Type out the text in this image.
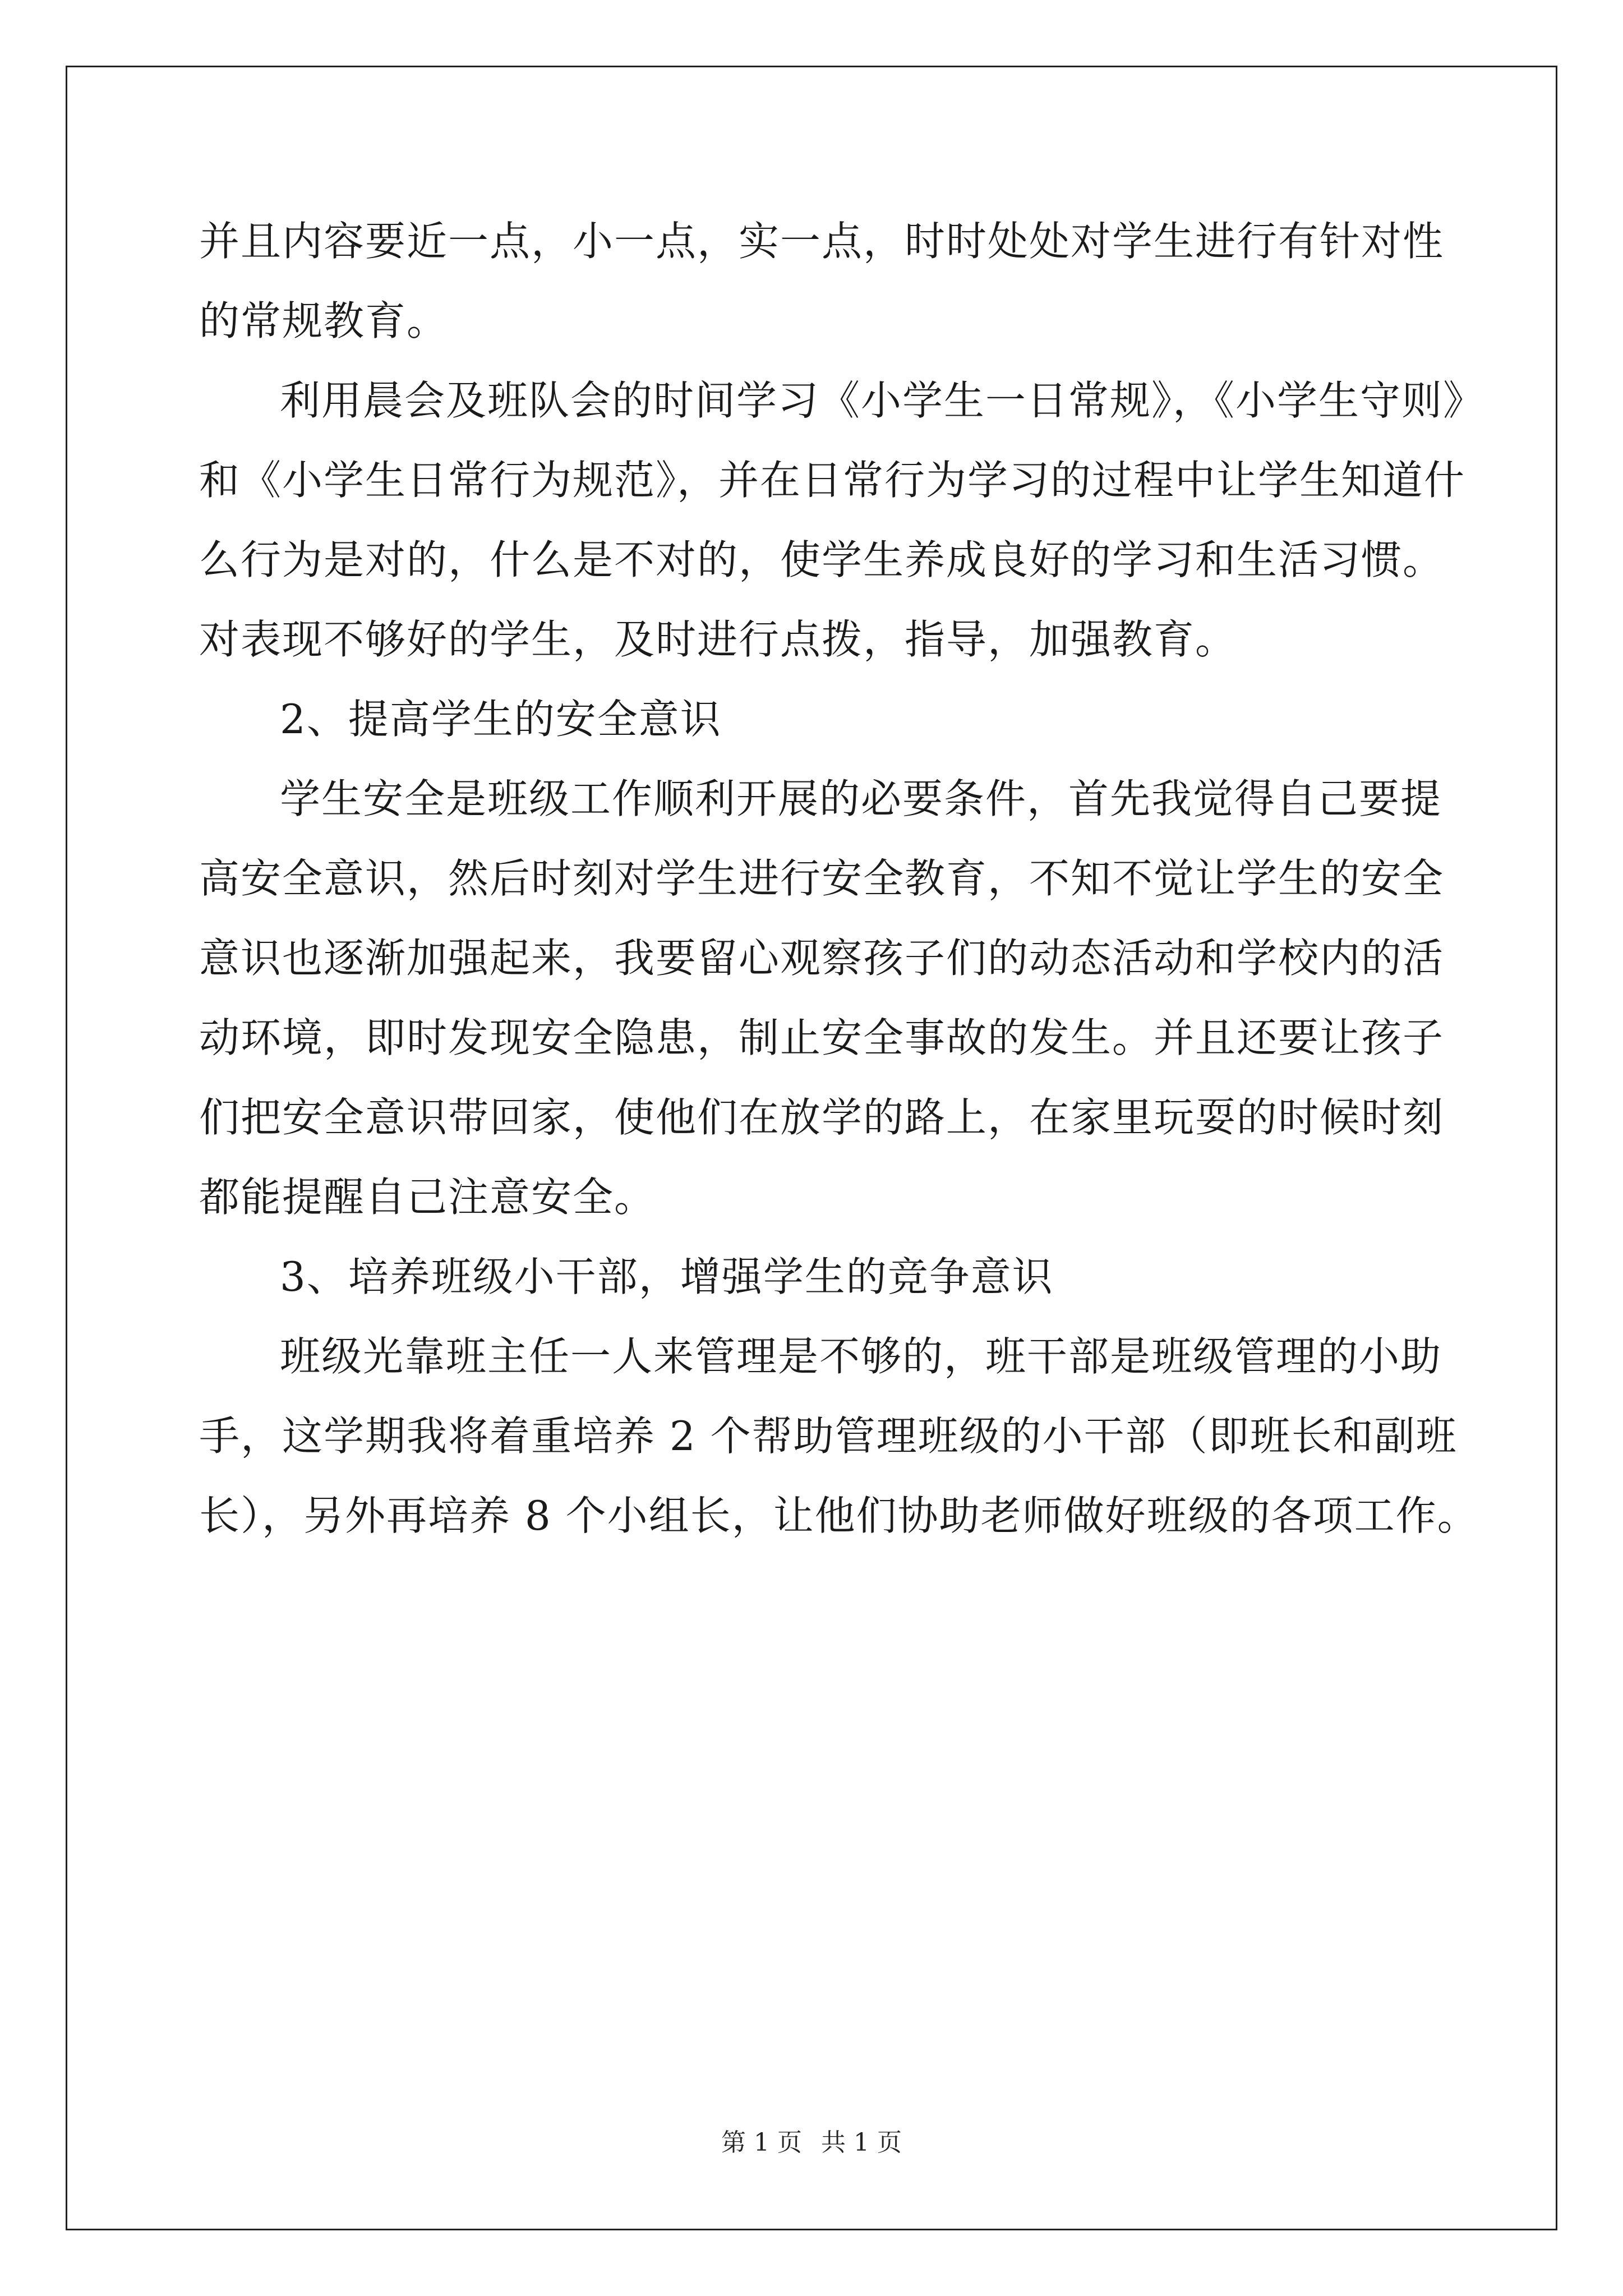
并且内容要近一点，小一点，实一点，时时处处对学生进行有针对性
的常规教育。
利用晨会及班队会的时间学习《小学生一日常规》，《小学生守则》
和《小学生日常行为规范》，并在日常行为学习的过程中让学生知道什
么行为是对的，什么是不对的，使学生养成良好的学习和生活习惯。
对表现不够好的学生，及时进行点拨，指导，加强教育。
2、提高学生的安全意识
学生安全是班级工作顺利开展的必要条件，首先我觉得自己要提
高安全意识，然后时刻对学生进行安全教育，不知不觉让学生的安全
意识也逐渐加强起来，我要留心观察孩子们的动态活动和学校内的活
动环境，即时发现安全隐患，制止安全事故的发生。并且还要让孩子
们把安全意识带回家，使他们在放学的路上，在家里玩耍的时候时刻
都能提醒自己注意安全。
3、培养班级小干部，增强学生的竞争意识
班级光靠班主任一人来管理是不够的，班干部是班级管理的小助
手，这学期我将着重培养 2 个帮助管理班级的小干部（即班长和副班
长），另外再培养 8 个小组长，让他们协助老师做好班级的各项工作。
第 1 页 共 1 页
